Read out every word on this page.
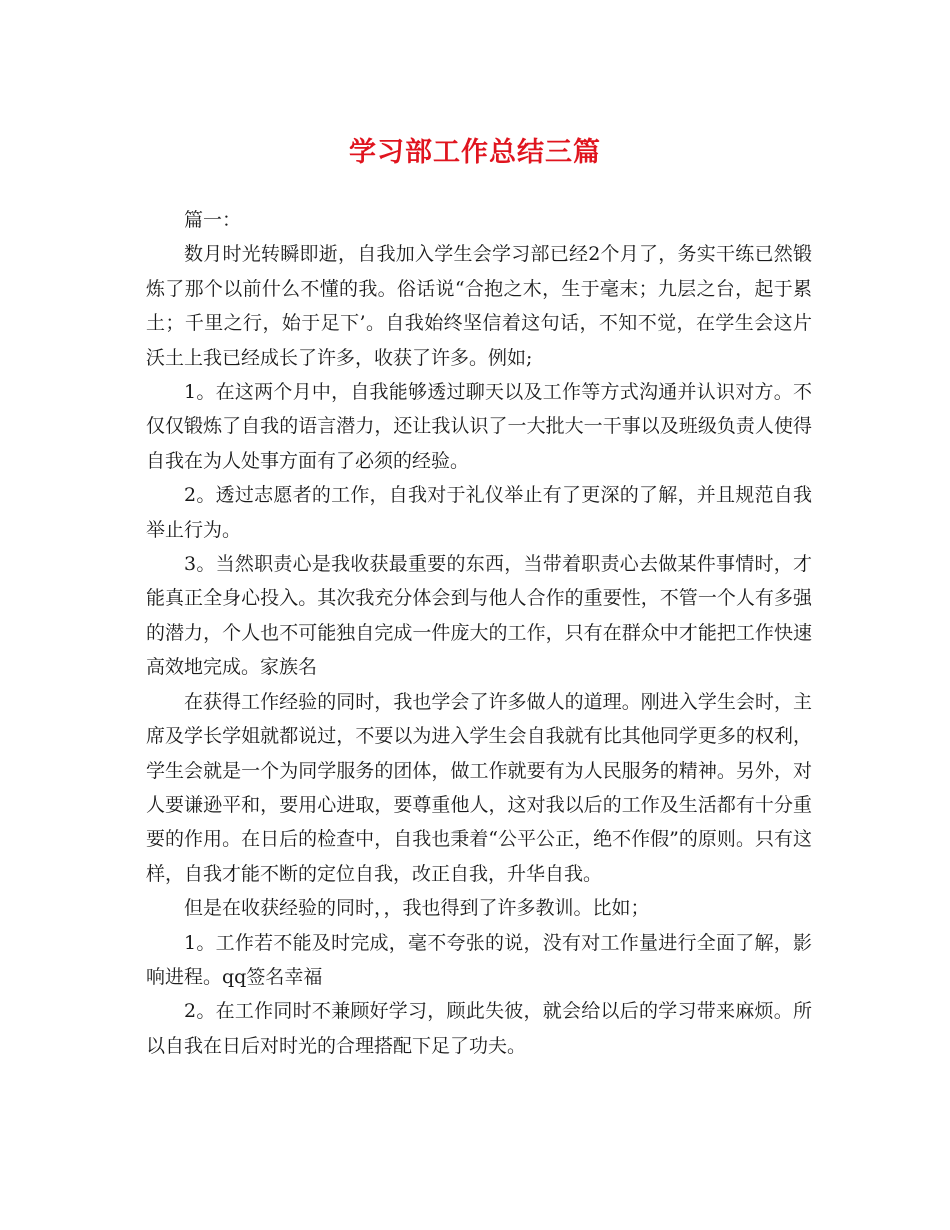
学习部工作总结三篇

篇一：

数月时光转瞬即逝，自我加入学生会学习部已经2个月了，务实干练已然锻炼了那个以前什么不懂的我。俗话说“合抱之木，生于毫末；九层之台，起于累土；千里之行，始于足下’。自我始终坚信着这句话，不知不觉，在学生会这片沃土上我已经成长了许多，收获了许多。例如;

1。在这两个月中，自我能够透过聊天以及工作等方式沟通并认识对方。不仅仅锻炼了自我的语言潜力，还让我认识了一大批大一干事以及班级负责人使得自我在为人处事方面有了必须的经验。

2。透过志愿者的工作，自我对于礼仪举止有了更深的了解，并且规范自我举止行为。

3。当然职责心是我收获最重要的东西，当带着职责心去做某件事情时，才能真正全身心投入。其次我充分体会到与他人合作的重要性，不管一个人有多强的潜力，个人也不可能独自完成一件庞大的工作，只有在群众中才能把工作快速高效地完成。家族名

在获得工作经验的同时，我也学会了许多做人的道理。刚进入学生会时，主席及学长学姐就都说过，不要以为进入学生会自我就有比其他同学更多的权利，学生会就是一个为同学服务的团体，做工作就要有为人民服务的精神。另外，对人要谦逊平和，要用心进取，要尊重他人，这对我以后的工作及生活都有十分重要的作用。在日后的检查中，自我也秉着“公平公正，绝不作假”的原则。只有这样，自我才能不断的定位自我，改正自我，升华自我。

但是在收获经验的同时，，我也得到了许多教训。比如；

1。工作若不能及时完成，毫不夸张的说，没有对工作量进行全面了解，影响进程。qq签名幸福

2。在工作同时不兼顾好学习，顾此失彼，就会给以后的学习带来麻烦。所以自我在日后对时光的合理搭配下足了功夫。
